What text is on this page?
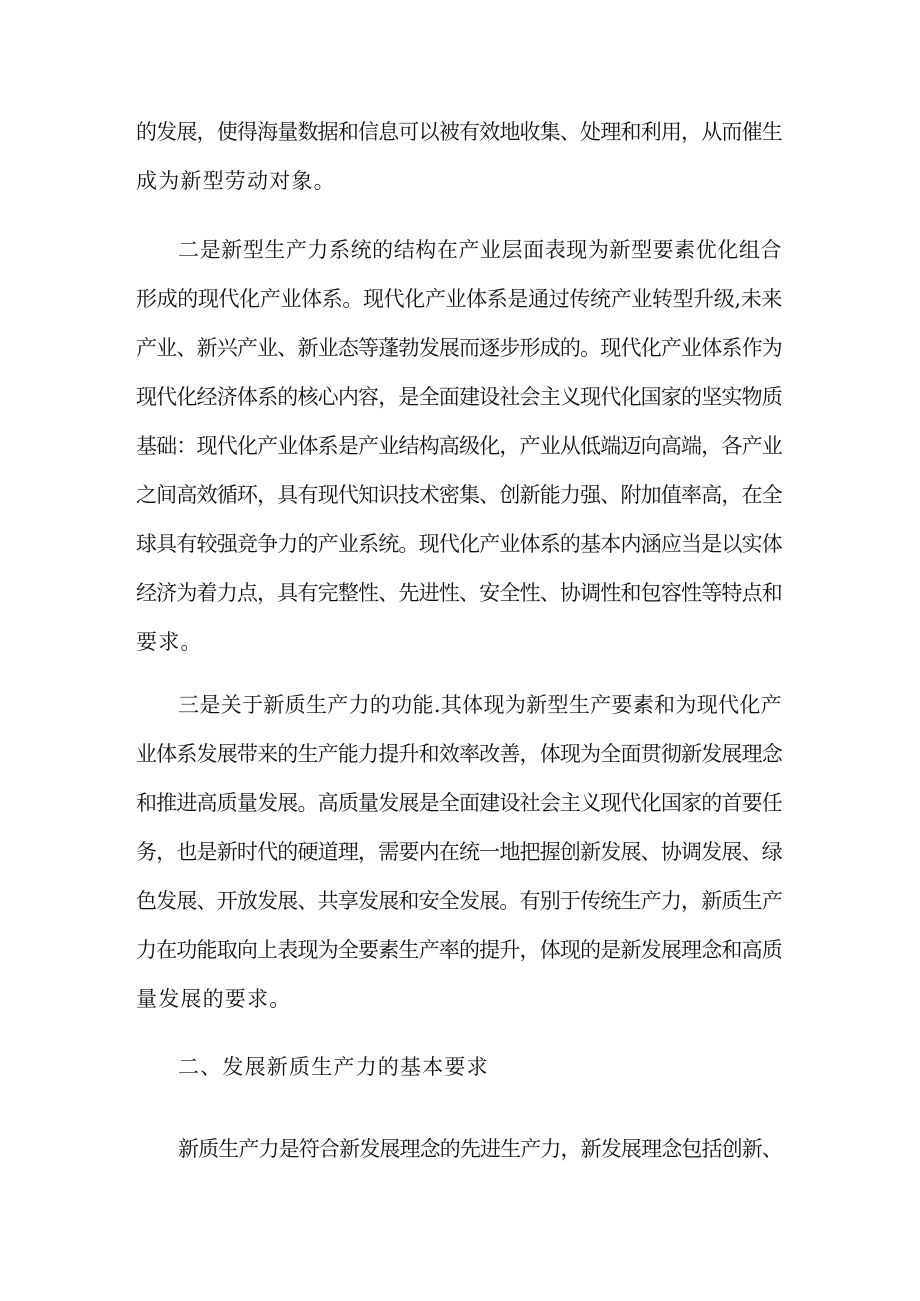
的发展，使得海量数据和信息可以被有效地收集、处理和利用，从而催生
成为新型劳动对象。
二是新型生产力系统的结构在产业层面表现为新型要素优化组合
形成的现代化产业体系。现代化产业体系是通过传统产业转型升级,未来
产业、新兴产业、新业态等蓬勃发展而逐步形成的。现代化产业体系作为
现代化经济体系的核心内容，是全面建设社会主义现代化国家的坚实物质
基础：现代化产业体系是产业结构高级化，产业从低端迈向高端，各产业
之间高效循环，具有现代知识技术密集、创新能力强、附加值率高，在全
球具有较强竞争力的产业系统。现代化产业体系的基本内涵应当是以实体
经济为着力点，具有完整性、先进性、安全性、协调性和包容性等特点和
要求。
三是关于新质生产力的功能.其体现为新型生产要素和为现代化产
业体系发展带来的生产能力提升和效率改善，体现为全面贯彻新发展理念
和推进高质量发展。高质量发展是全面建设社会主义现代化国家的首要任
务，也是新时代的硬道理，需要内在统一地把握创新发展、协调发展、绿
色发展、开放发展、共享发展和安全发展。有别于传统生产力，新质生产
力在功能取向上表现为全要素生产率的提升，体现的是新发展理念和高质
量发展的要求。
二、发展新质生产力的基本要求
新质生产力是符合新发展理念的先进生产力，新发展理念包括创新、
